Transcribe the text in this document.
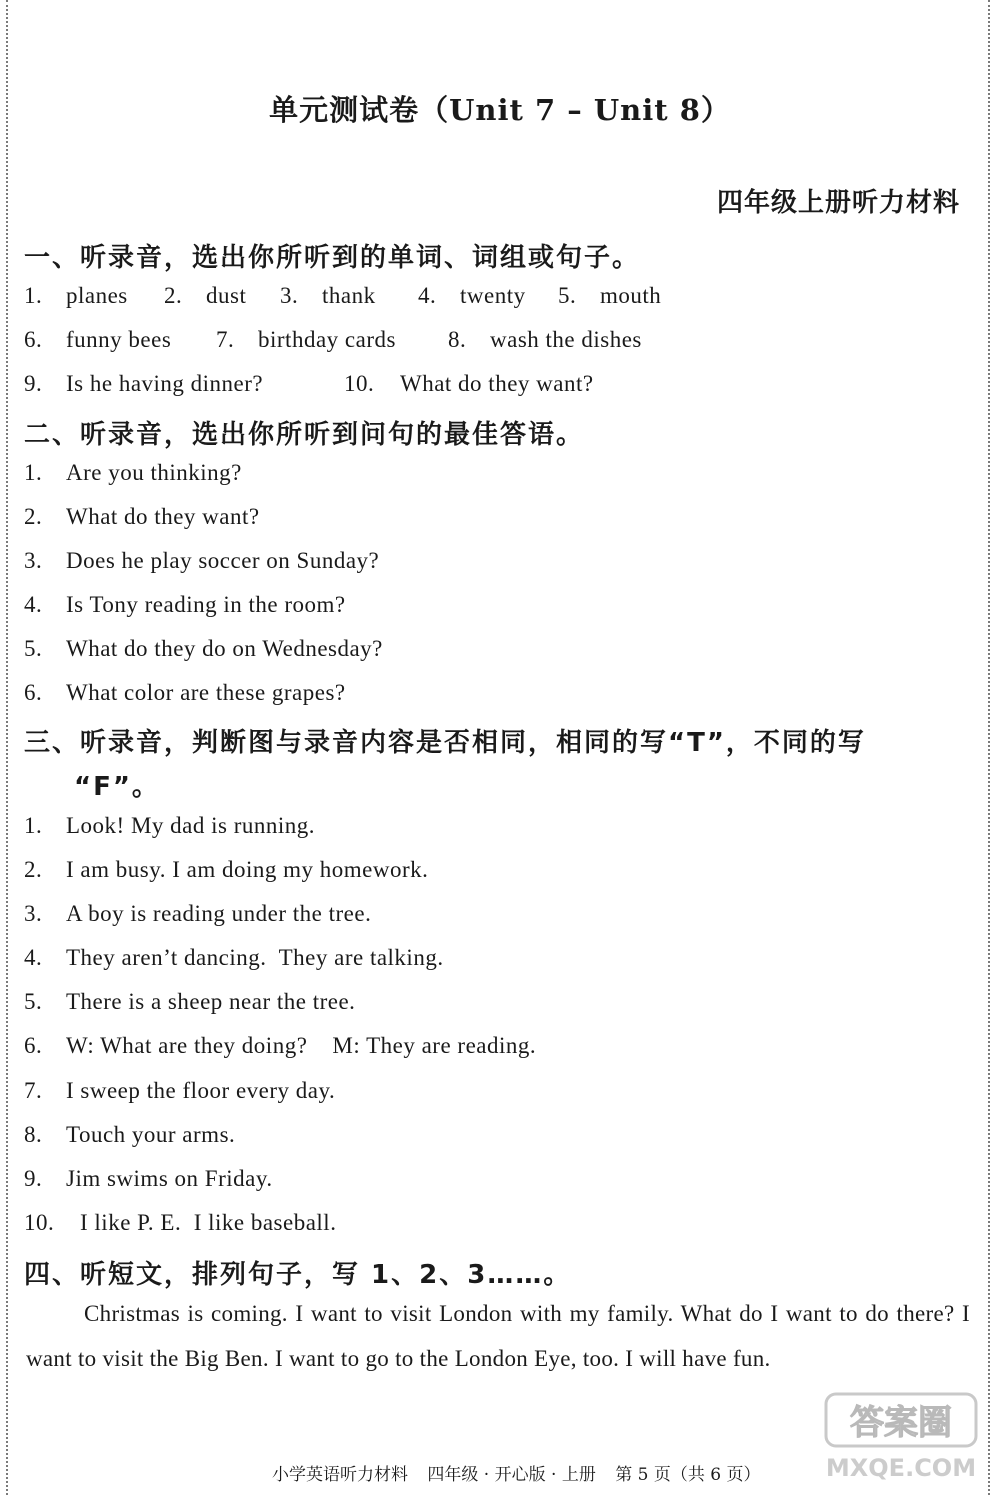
单元测试卷（Unit 7 – Unit 8）
四年级上册听力材料
一、听录音，选出你所听到的单词、词组或句子。
1. planes 2. dust 3. thank 4. twenty 5. mouth
6. funny bees 7. birthday cards 8. wash the dishes
9. Is he having dinner?	10. What do they want?
二、听录音，选出你所听到问句的最佳答语。
1. Are you thinking?
2. What do they want?
3. Does he play soccer on Sunday?
4. Is Tony reading in the room?
5. What do they do on Wednesday?
6. What color are these grapes?
三、听录音，判断图与录音内容是否相同，相同的写“T”，不同的写
“F”。
1. Look! My dad is running.
2. I am busy. I am doing my homework.
3. A boy is reading under the tree.
4. They aren’t dancing.  They are talking.
5. There is a sheep near the tree.
6. W: What are they doing?    M: They are reading.
7. I sweep the floor every day.
8. Touch your arms.
9. Jim swims on Friday.
10. I like P. E.  I like baseball.
四、听短文，排列句子，写 1、2、3……。
Christmas is coming. I want to visit London with my family. What do I want to do there? I want to visit the Big Ben. I want to go to the London Eye, too. I will have fun.
小学英语听力材料 四年级 · 开心版 · 上册 第 5 页（共 6 页）
答案圈
MXQE.COM
